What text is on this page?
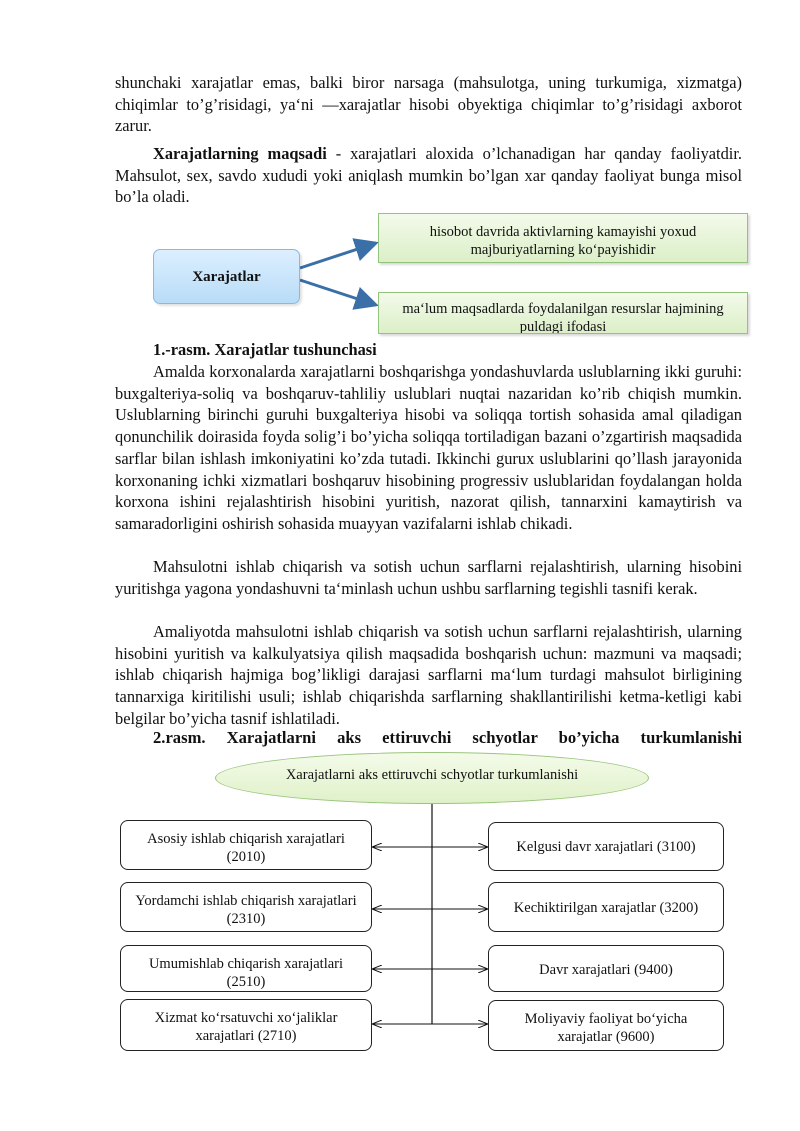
shunchaki xarajatlar emas, balki biror narsaga (mahsulotga, uning turkumiga, xizmatga) chiqimlar to’g’risidagi, ya‘ni ―xarajatlar hisobi obyektiga chiqimlar to’g’risidagi axborot zarur.

Xarajatlarning maqsadi - xarajatlari aloxida o’lchanadigan har qanday faoliyatdir. Mahsulot, sex, savdo xududi yoki aniqlash mumkin bo’lgan xar qanday faoliyat bunga misol bo’la oladi.

Xarajatlar
hisobot davrida aktivlarning kamayishi yoxud majburiyatlarning ko‘payishidir
ma‘lum maqsadlarda foydalanilgan resurslar hajmining puldagi ifodasi
1.-rasm. Xarajatlar tushunchasi

Amalda korxonalarda xarajatlarni boshqarishga yondashuvlarda uslublarning ikki guruhi: buxgalteriya-soliq va boshqaruv-tahliliy uslublari nuqtai nazaridan ko’rib chiqish mumkin. Uslublarning birinchi guruhi buxgalteriya hisobi va soliqqa tortish sohasida amal qiladigan qonunchilik doirasida foyda solig’i bo’yicha soliqqa tortiladigan bazani o’zgartirish maqsadida sarflar bilan ishlash imkoniyatini ko’zda tutadi. Ikkinchi gurux uslublarini qo’llash jarayonida korxonaning ichki xizmatlari boshqaruv hisobining progressiv uslublaridan foydalangan holda korxona ishini rejalashtirish hisobini yuritish, nazorat qilish, tannarxini kamaytirish va samaradorligini oshirish sohasida muayyan vazifalarni ishlab chikadi.

Mahsulotni ishlab chiqarish va sotish uchun sarflarni rejalashtirish, ularning hisobini yuritishga yagona yondashuvni ta‘minlash uchun ushbu sarflarning tegishli tasnifi kerak.

Amaliyotda mahsulotni ishlab chiqarish va sotish uchun sarflarni rejalashtirish, ularning hisobini yuritish va kalkulyatsiya qilish maqsadida boshqarish uchun: mazmuni va maqsadi; ishlab chiqarish hajmiga bog’likligi darajasi sarflarni ma‘lum turdagi mahsulot birligining tannarxiga kiritilishi usuli; ishlab chiqarishda sarflarning shakllantirilishi ketma-ketligi kabi belgilar bo’yicha tasnif ishlatiladi.

2.rasm. Xarajatlarni aks ettiruvchi schyotlar bo’yicha turkumlanishi
Xarajatlarni aks ettiruvchi schyotlar turkumlanishi
Asosiy ishlab chiqarish xarajatlari (2010)
Yordamchi ishlab chiqarish xarajatlari (2310)
Umumishlab chiqarish xarajatlari (2510)
Xizmat ko‘rsatuvchi xo‘jaliklar xarajatlari (2710)
Kelgusi davr xarajatlari (3100)
Kechiktirilgan xarajatlar (3200)
Davr xarajatlari (9400)
Moliyaviy faoliyat bo‘yicha xarajatlar (9600)
